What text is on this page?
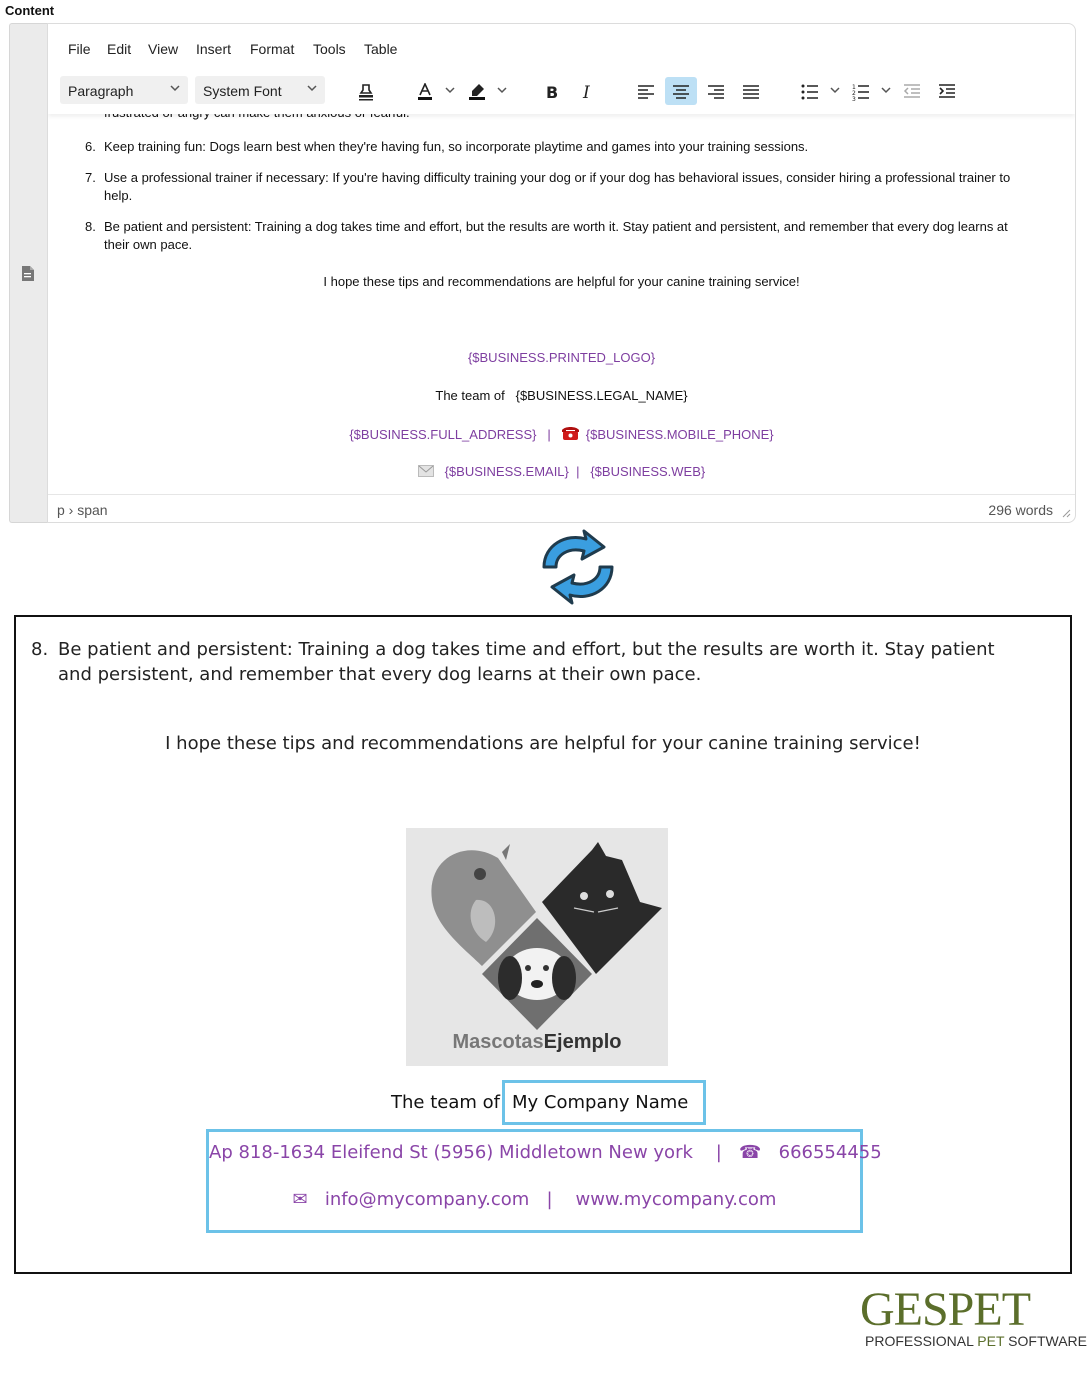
Content
File Edit View Insert Format Tools Table
Paragraph	System Font	B I	1
2
3
6. Keep training fun: Dogs learn best when they're having fun, so incorporate playtime and games into your training sessions.
7. Use a professional trainer if necessary: If you're having difficulty training your dog or if your dog has behavioral issues, consider hiring a professional trainer to help.
8. Be patient and persistent: Training a dog takes time and effort, but the results are worth it. Stay patient and persistent, and remember that every dog learns at their own pace.
I hope these tips and recommendations are helpful for your canine training service!
{$BUSINESS.PRINTED_LOGO}
The team of {$BUSINESS.LEGAL_NAME}
{$BUSINESS.FULL_ADDRESS} |	{$BUSINESS.MOBILE_PHONE}
{$BUSINESS.EMAIL} | {$BUSINESS.WEB}
p › span	296 words
8. Be patient and persistent: Training a dog takes time and effort, but the results are worth it. Stay patient and persistent, and remember that every dog learns at their own pace.
I hope these tips and recommendations are helpful for your canine training service!
MascotasEjemplo
The team of My Company Name
Ap 818-1634 Eleifend St (5956) Middletown New york | ☎ 666554455
✉ info@mycompany.com | www.mycompany.com
GESPET
PROFESSIONAL PET SOFTWARE
